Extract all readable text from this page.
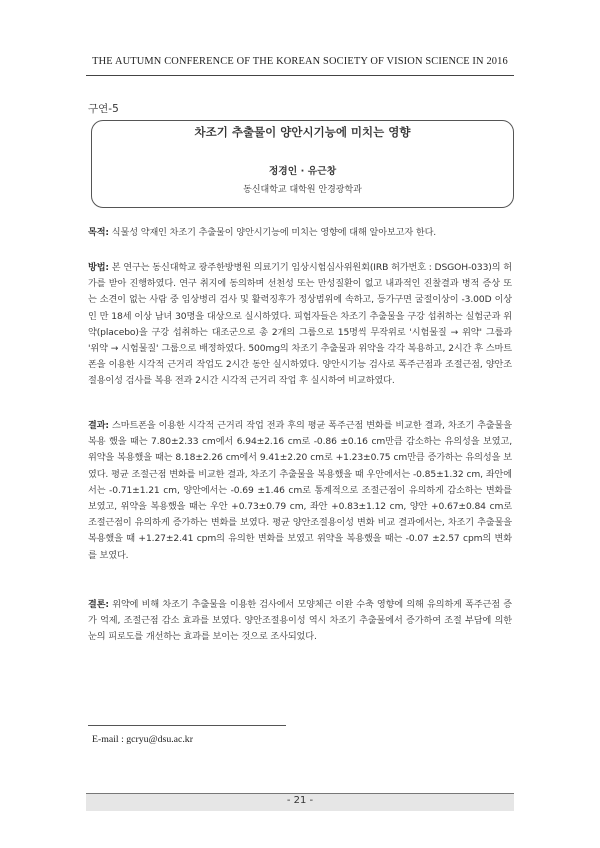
THE AUTUMN CONFERENCE OF THE KOREAN SOCIETY OF VISION SCIENCE IN 2016
구연-5
차조기 추출물이 양안시기능에 미치는 영향
정경인 · 유근창
동신대학교 대학원 안경광학과

목적: 식물성 약재인 차조기 추출물이 양안시기능에 미치는 영향에 대해 알아보고자 한다.

방법: 본 연구는 동신대학교 광주한방병원 의료기기 임상시험심사위원회(IRB 허가번호 : DSGOH-033)의 허가를 받아 진행하였다. 연구 취지에 동의하며 선천성 또는 만성질환이 없고 내과적인 진찰결과 병적 증상 또는 소견이 없는 사람 중 임상병리 검사 및 활력징후가 정상범위에 속하고, 등가구면 굴절이상이 -3.00D 이상인 만 18세 이상 남녀 30명을 대상으로 실시하였다. 피험자들은 차조기 추출물을 구강 섭취하는 실험군과 위약(placebo)을 구강 섭취하는 대조군으로 총 2개의 그룹으로 15명씩 무작위로 '시험물질 → 위약' 그룹과 '위약 → 시험물질' 그룹으로 배정하였다. 500mg의 차조기 추출물과 위약을 각각 복용하고, 2시간 후 스마트폰을 이용한 시각적 근거리 작업도 2시간 동안 실시하였다. 양안시기능 검사로 폭주근점과 조절근점, 양안조절용이성 검사를 복용 전과 2시간 시각적 근거리 작업 후 실시하여 비교하였다.

결과: 스마트폰을 이용한 시각적 근거리 작업 전과 후의 평균 폭주근점 변화를 비교한 결과, 차조기 추출물을 복용 했을 때는 7.80±2.33 cm에서 6.94±2.16 cm로 -0.86 ±0.16 cm만큼 감소하는 유의성을 보였고, 위약을 복용했을 때는 8.18±2.26 cm에서 9.41±2.20 cm로 +1.23±0.75 cm만큼 증가하는 유의성을 보였다. 평균 조절근점 변화를 비교한 결과, 차조기 추출물을 복용했을 때 우안에서는 -0.85±1.32 cm, 좌안에서는 -0.71±1.21 cm, 양안에서는 -0.69 ±1.46 cm로 통계적으로 조절근점이 유의하게 감소하는 변화를 보였고, 위약을 복용했을 때는 우안 +0.73±0.79 cm, 좌안 +0.83±1.12 cm, 양안 +0.67±0.84 cm로 조절근점이 유의하게 증가하는 변화를 보였다. 평균 양안조절용이성 변화 비교 결과에서는, 차조기 추출물을 복용했을 때 +1.27±2.41 cpm의 유의한 변화를 보였고 위약을 복용했을 때는 -0.07 ±2.57 cpm의 변화를 보였다.

결론: 위약에 비해 차조기 추출물을 이용한 검사에서 모양체근 이완 수축 영향에 의해 유의하게 폭주근점 증가 억제, 조절근점 감소 효과를 보였다. 양안조절용이성 역시 차조기 추출물에서 증가하여 조절 부담에 의한 눈의 피로도를 개선하는 효과를 보이는 것으로 조사되었다.

E-mail : gcryu@dsu.ac.kr
- 21 -
